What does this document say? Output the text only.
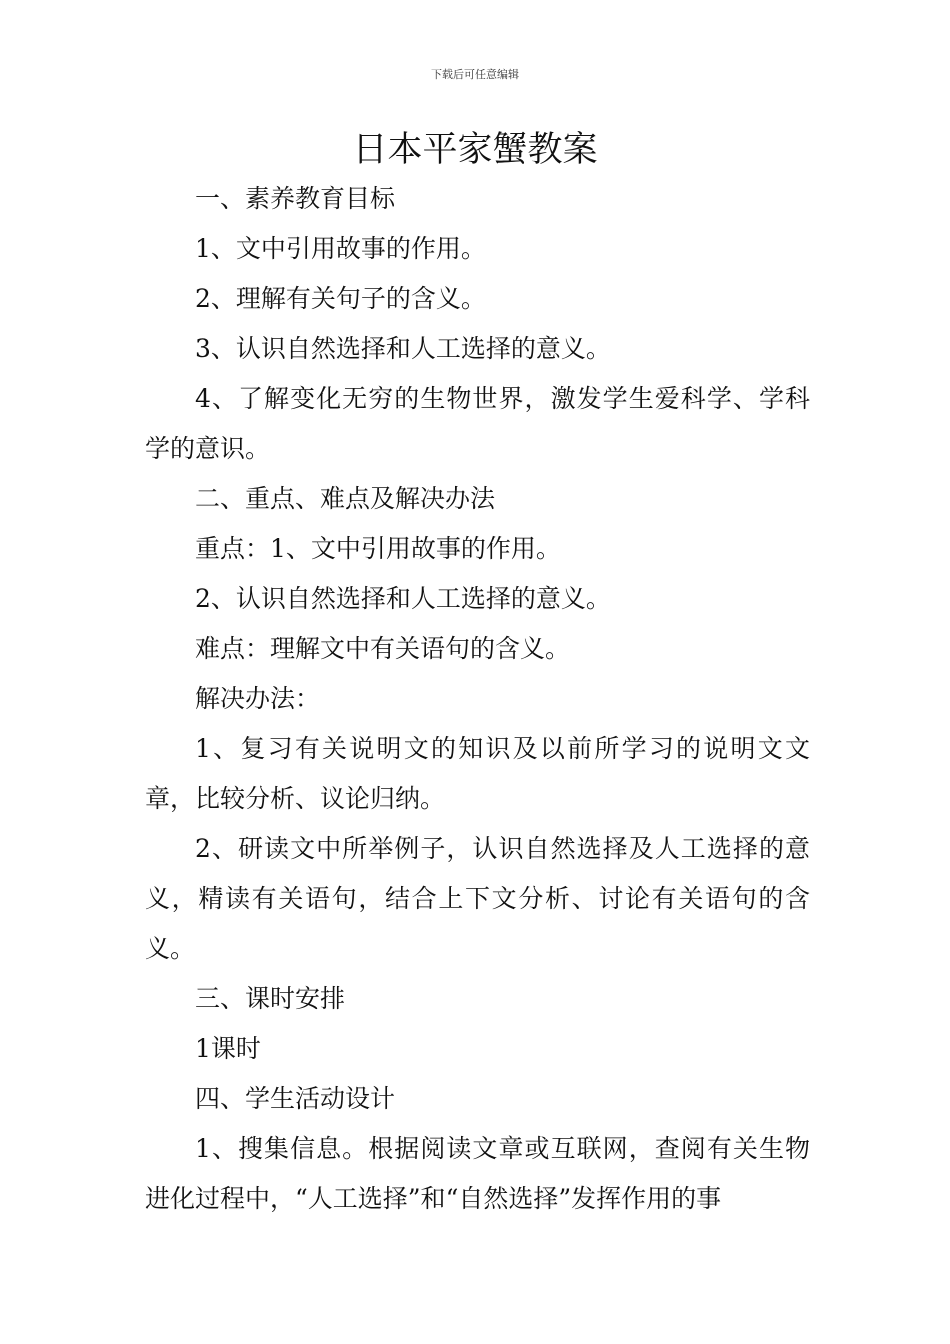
下载后可任意编辑
日本平家蟹教案

一、素养教育目标

1、文中引用故事的作用。

2、理解有关句子的含义。

3、认识自然选择和人工选择的意义。

4、了解变化无穷的生物世界，激发学生爱科学、学科学的意识。

二、重点、难点及解决办法

重点：1、文中引用故事的作用。

2、认识自然选择和人工选择的意义。

难点：理解文中有关语句的含义。

解决办法：

1、复习有关说明文的知识及以前所学习的说明文文章，比较分析、议论归纳。

2、研读文中所举例子，认识自然选择及人工选择的意义，精读有关语句，结合上下文分析、讨论有关语句的含义。

三、课时安排

1课时

四、学生活动设计

1、搜集信息。根据阅读文章或互联网，查阅有关生物进化过程中，“人工选择”和“自然选择”发挥作用的事
